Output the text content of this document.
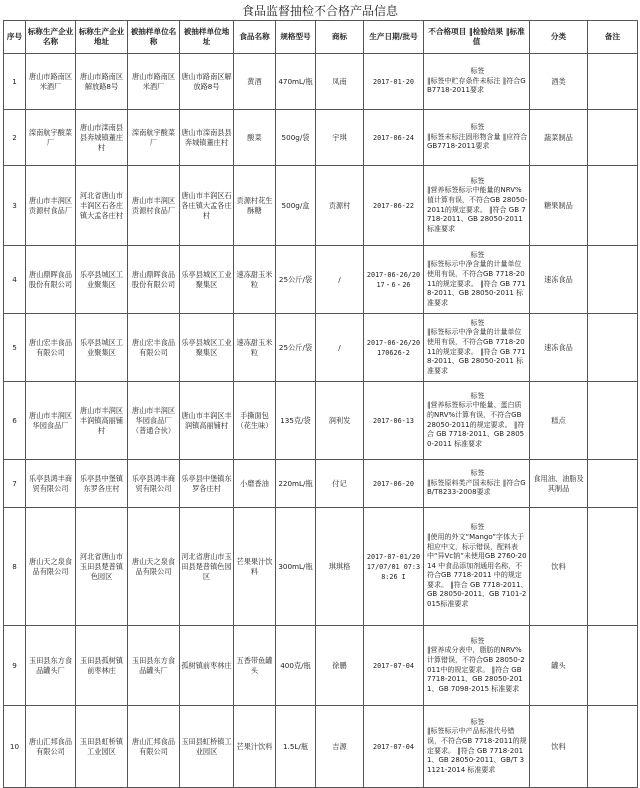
食品监督抽检不合格产品信息
序号	标称生产企业名称	标称生产企业地址	被抽样单位名称	被抽样单位地址	食品名称	规格型号	商标	生产日期/批号	不合格项目 ‖检验结果 ‖标准值	分类	备注
1	唐山市路南区米酒厂	唐山市路南区解放路8号	唐山市路南区米酒厂	唐山市路南区解放路8号	黄酒	470mL/瓶	凤南	2017-01-20	标签
‖标签中贮存条件未标注 ‖符合GB7718-2011要求	酒类	
2	滦南航宇酸菜厂	唐山市滦南县县奔城镇董庄村	滦南航宇酸菜厂	唐山市滦南县县奔城镇董庄村	酸菜	500g/袋	宇琪	2017-06-24	标签
‖标签未标注固形物含量 ‖应符合GB7718-2011要求	蔬菜制品	
3	唐山市丰润区贡源村食品厂	河北省唐山市丰润区石各庄镇大孟各庄村	唐山市丰润区贡源村食品厂	唐山市丰润区石各庄镇大孟各庄村	贡源村花生酥糖	500g/盒	贡源村	2017-06-22	标签
‖营养标签标示中能量的NRV%值计算有误，不符合GB 28050-2011的规定要求。 ‖符合 GB 7718-2011、GB 28050-2011 标准要求	糖果制品	
4	唐山鼎晖食品股份有限公司	乐亭县城区工业聚集区	唐山鼎晖食品股份有限公司	乐亭县城区工业聚集区	速冻甜玉米粒	25公斤/袋	/	2017-06-26/2017・6・26	标签
‖标签标示中净含量的计量单位使用有误，不符合GB 7718-2011的规定要求。 ‖符合 GB 7718-2011、GB 28050-2011 标准要求	速冻食品	
5	唐山宏丰食品有限公司	乐亭县城区工业聚集区	唐山宏丰食品有限公司	乐亭县城区工业聚集区	速冻甜玉米粒	25公斤/袋	/	2017-06-26/20170626-2	标签
‖标签标示中净含量的计量单位使用有误，不符合GB 7718-2011的规定要求。 ‖符合 GB 7718-2011、GB 28050-2011 标准要求	速冻食品	
6	唐山市丰润区华园食品厂	唐山市丰润区丰润镇高丽铺村	唐山市丰润区华园食品厂（普通合伙）	唐山市丰润区丰润镇高丽铺村	手撕面包（花生味）	135克/袋	润利发	2017-06-13	标签
‖营养标签标示中能量、蛋白质的NRV%计算有误，不符合GB 28050-2011的规定要求。 ‖符合 GB 7718-2011、GB 28050-2011 标准要求	糕点	
7	乐亭县鸿丰商贸有限公司	乐亭县中堡镇东罗各庄村	乐亭县鸿丰商贸有限公司	乐亭县中堡镇东罗各庄村	小磨香油	220mL/瓶	付记	2017-06-20	标签
‖标签原料类产国未标注 ‖符合GB/T8233-2008要求	食用油、油脂及其制品	
8	唐山天之泉食品有限公司	河北省唐山市玉田县楚普镇色园区	唐山天之泉食品有限公司	河北省唐山市玉田县楚普镇色园区	芒果果汁饮料	300mL/瓶	琪琪格	2017-07-01/2017/07/01 07:38:26 I	标签
‖使用的外文“Mango”字体大于相应中文，标示错误，配料表中“异Vc钠”未使用GB 2760-2014 中食品添加剂通用名称，不符合GB 7718-2011 中的规定要求。 ‖符合 GB 7718-2011、GB 28050-2011、GB 7101-2015标准要求	饮料	
9	玉田县东方食品罐头厂	玉田县孤树镇前枣林庄	玉田县东方食品罐头厂	孤树镇前枣林庄	五香带鱼罐头	400克/瓶	徐鹏	2017-07-04	标签
‖营养成分表中，脂肪的NRV%计算错误，不符合GB 28050-2011中的规定要求。 ‖符合 GB 7718-2011、GB 28050-2011、GB 7098-2015 标准要求	罐头	
10	唐山汇邦食品有限公司	玉田县虹桥镇工业园区	唐山汇邦食品有限公司	玉田县虹桥镇工业园区	芒果汁饮料	1.5L/瓶	吉源	2017-07-04	标签
‖标签标示中产品标准代号错误，不符合GB 7718-2011的规定要求。 ‖符合 GB 7718-2011、GB 28050-2011、GB/T 31121-2014 标准要求	饮料	
